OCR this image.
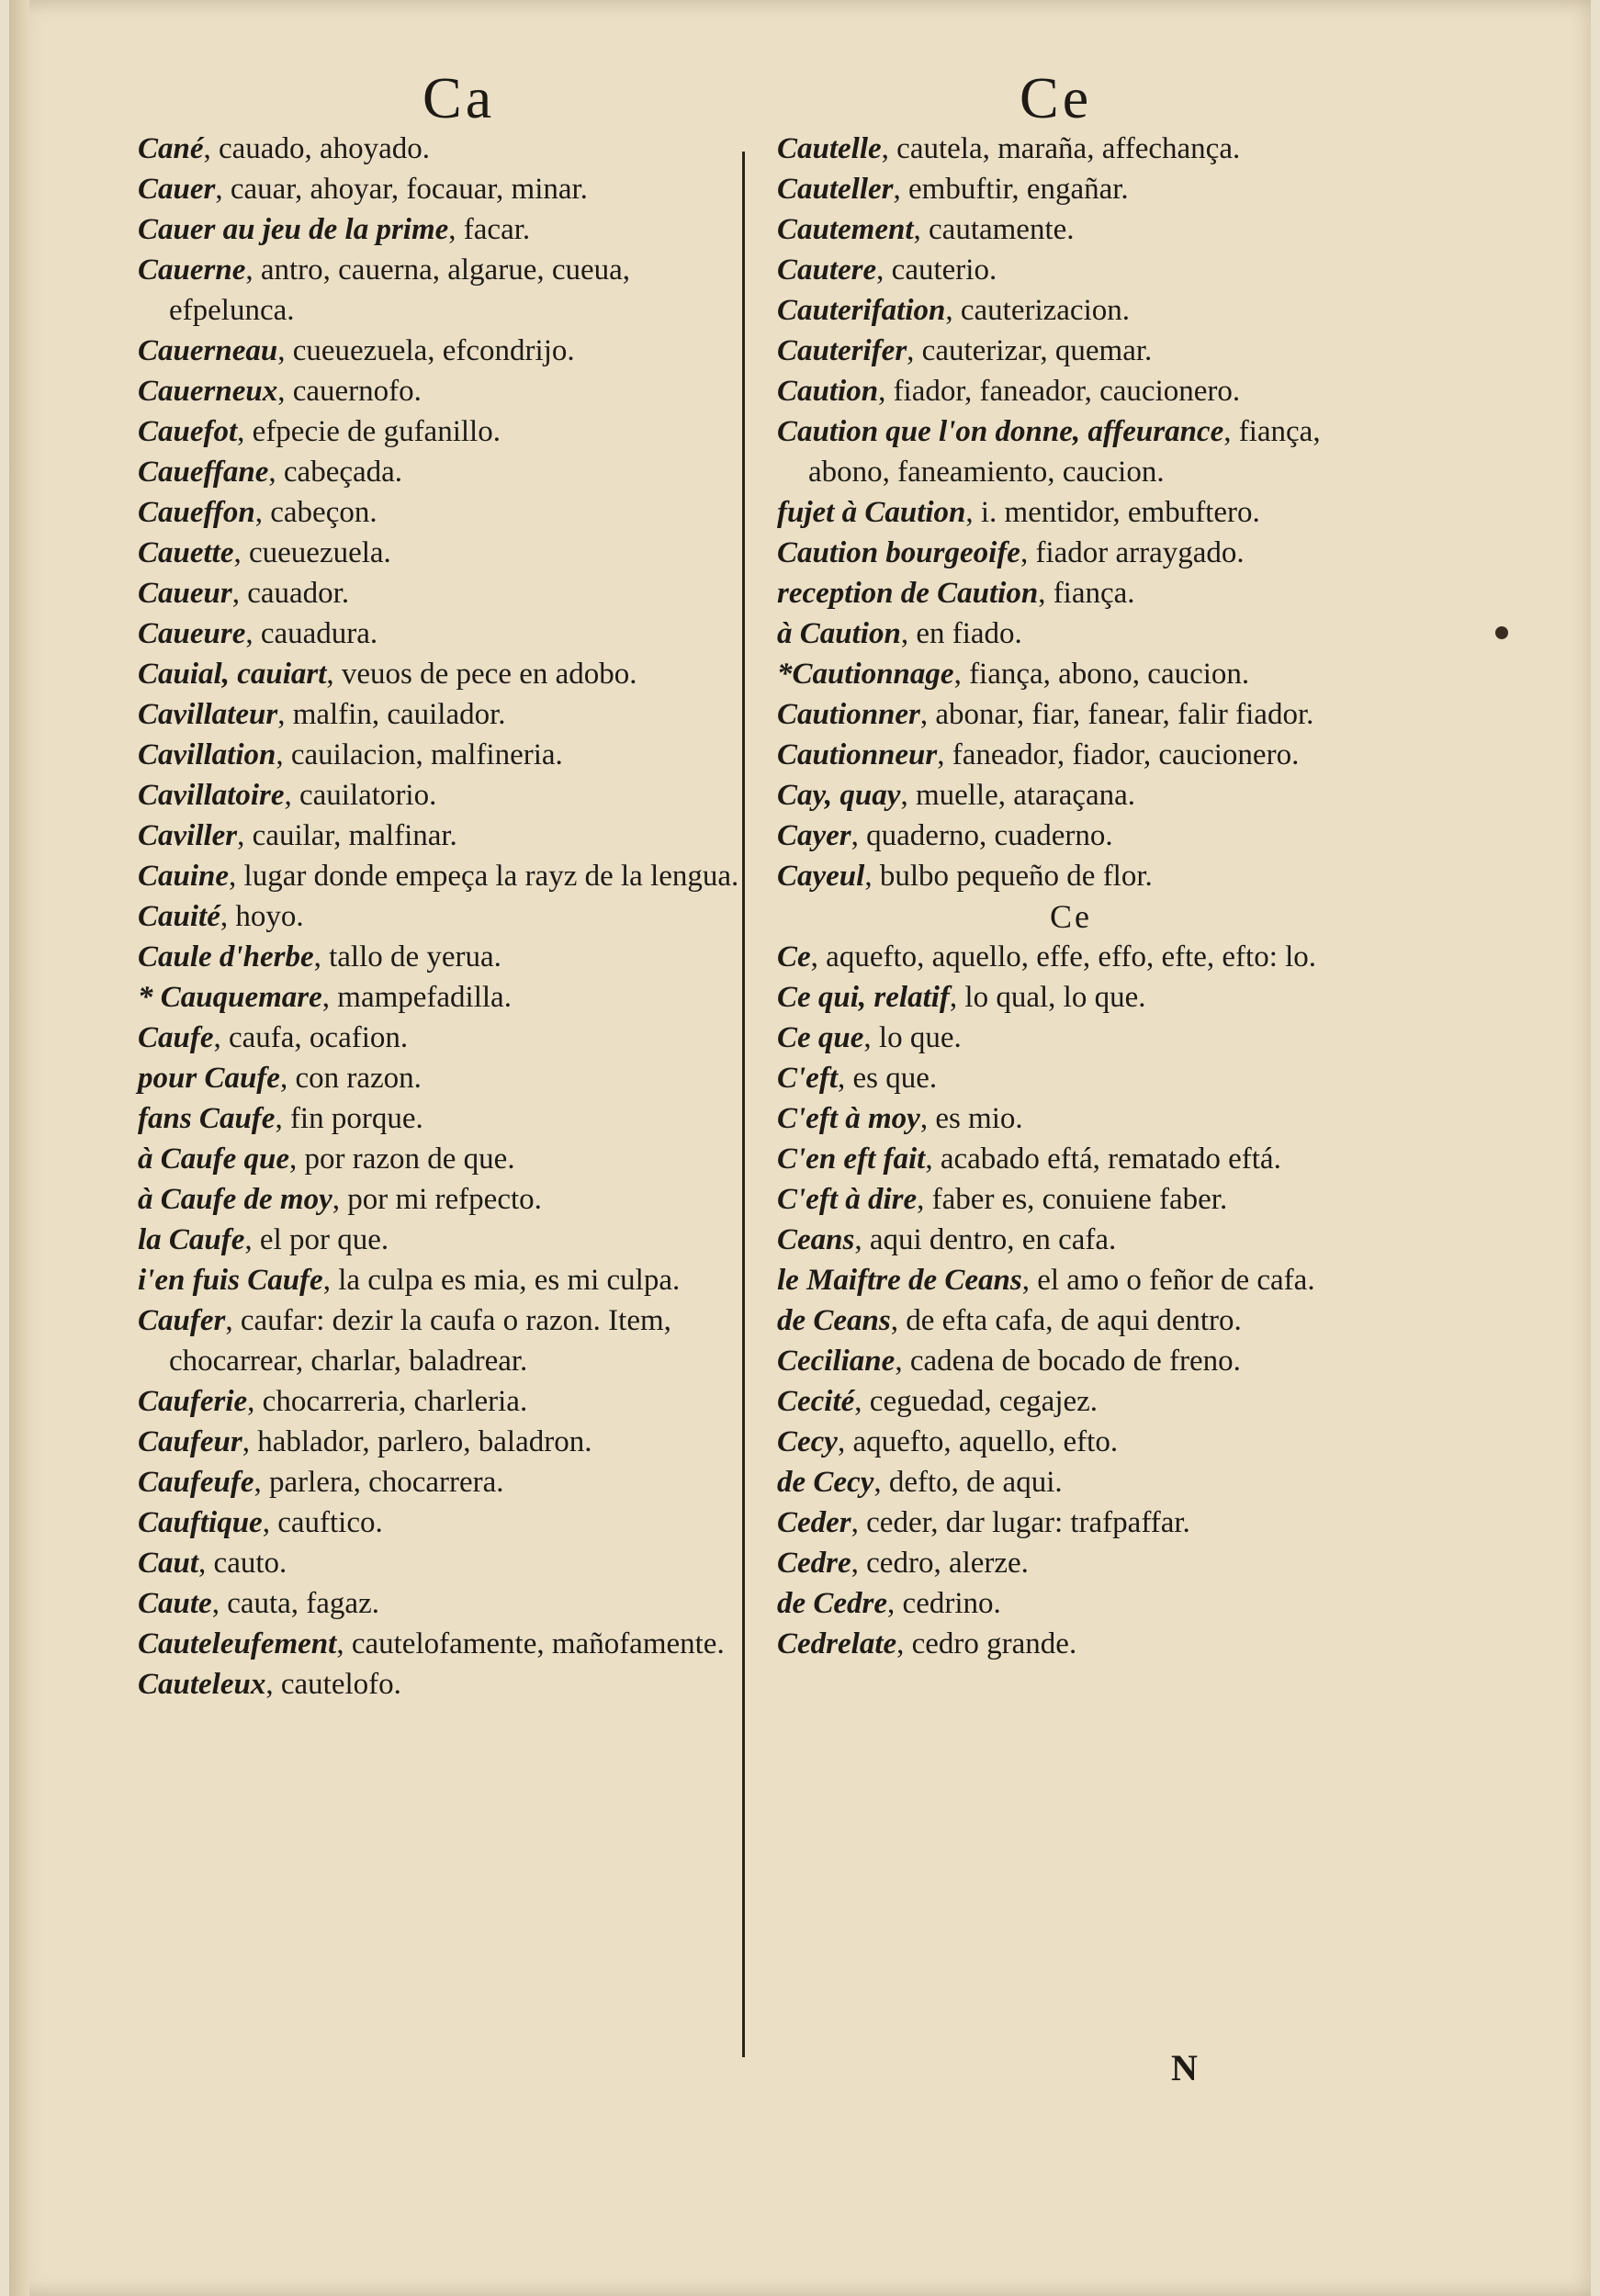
Ca	Ce

Cané, cauado, ahoyado.

Cauer, cauar, ahoyar, focauar, minar.

Cauer au jeu de la prime, facar.

Cauerne, antro, cauerna, algarue, cueua, efpelunca.

Cauerneau, cueuezuela, efcondrijo.

Cauerneux, cauernofo.

Cauefot, efpecie de gufanillo.

Caueffane, cabeçada.

Caueffon, cabeçon.

Cauette, cueuezuela.

Caueur, cauador.

Caueure, cauadura.

Cauial, cauiart, veuos de pece en adobo.

Cavillateur, malfin, cauilador.

Cavillation, cauilacion, malfineria.

Cavillatoire, cauilatorio.

Caviller, cauilar, malfinar.

Cauine, lugar donde empeça la rayz de la lengua.

Cauité, hoyo.

Caule d'herbe, tallo de yerua.

* Cauquemare, mampefadilla.

Caufe, caufa, ocafion.

pour Caufe, con razon.

fans Caufe, fin porque.

à Caufe que, por razon de que.

à Caufe de moy, por mi refpecto.

la Caufe, el por que.

i'en fuis Caufe, la culpa es mia, es mi culpa.

Caufer, caufar: dezir la caufa o razon. Item, chocarrear, charlar, baladrear.

Cauferie, chocarreria, charleria.

Caufeur, hablador, parlero, baladron.

Caufeufe, parlera, chocarrera.

Cauftique, cauftico.

Caut, cauto.

Caute, cauta, fagaz.

Cauteleufement, cautelofamente, mañofamente.

Cauteleux, cautelofo.

Cautelle, cautela, maraña, affechança.

Cauteller, embuftir, engañar.

Cautement, cautamente.

Cautere, cauterio.

Cauterifation, cauterizacion.

Cauterifer, cauterizar, quemar.

Caution, fiador, faneador, caucionero.

Caution que l'on donne, affeurance, fiança, abono, faneamiento, caucion.

fujet à Caution, i. mentidor, embuftero.

Caution bourgeoife, fiador arraygado.

reception de Caution, fiança.

à Caution, en fiado.

*Cautionnage, fiança, abono, caucion.

Cautionner, abonar, fiar, fanear, falir fiador.

Cautionneur, faneador, fiador, caucionero.

Cay, quay, muelle, ataraçana.

Cayer, quaderno, cuaderno.

Cayeul, bulbo pequeño de flor.

Ce

Ce, aquefto, aquello, effe, effo, efte, efto: lo.

Ce qui, relatif, lo qual, lo que.

Ce que, lo que.

C'eft, es que.

C'eft à moy, es mio.

C'en eft fait, acabado eftá, rematado eftá.

C'eft à dire, faber es, conuiene faber.

Ceans, aqui dentro, en cafa.

le Maiftre de Ceans, el amo o feñor de cafa.

de Ceans, de efta cafa, de aqui dentro.

Ceciliane, cadena de bocado de freno.

Cecité, ceguedad, cegajez.

Cecy, aquefto, aquello, efto.

de Cecy, defto, de aqui.

Ceder, ceder, dar lugar: trafpaffar.

Cedre, cedro, alerze.

de Cedre, cedrino.

Cedrelate, cedro grande.

N
